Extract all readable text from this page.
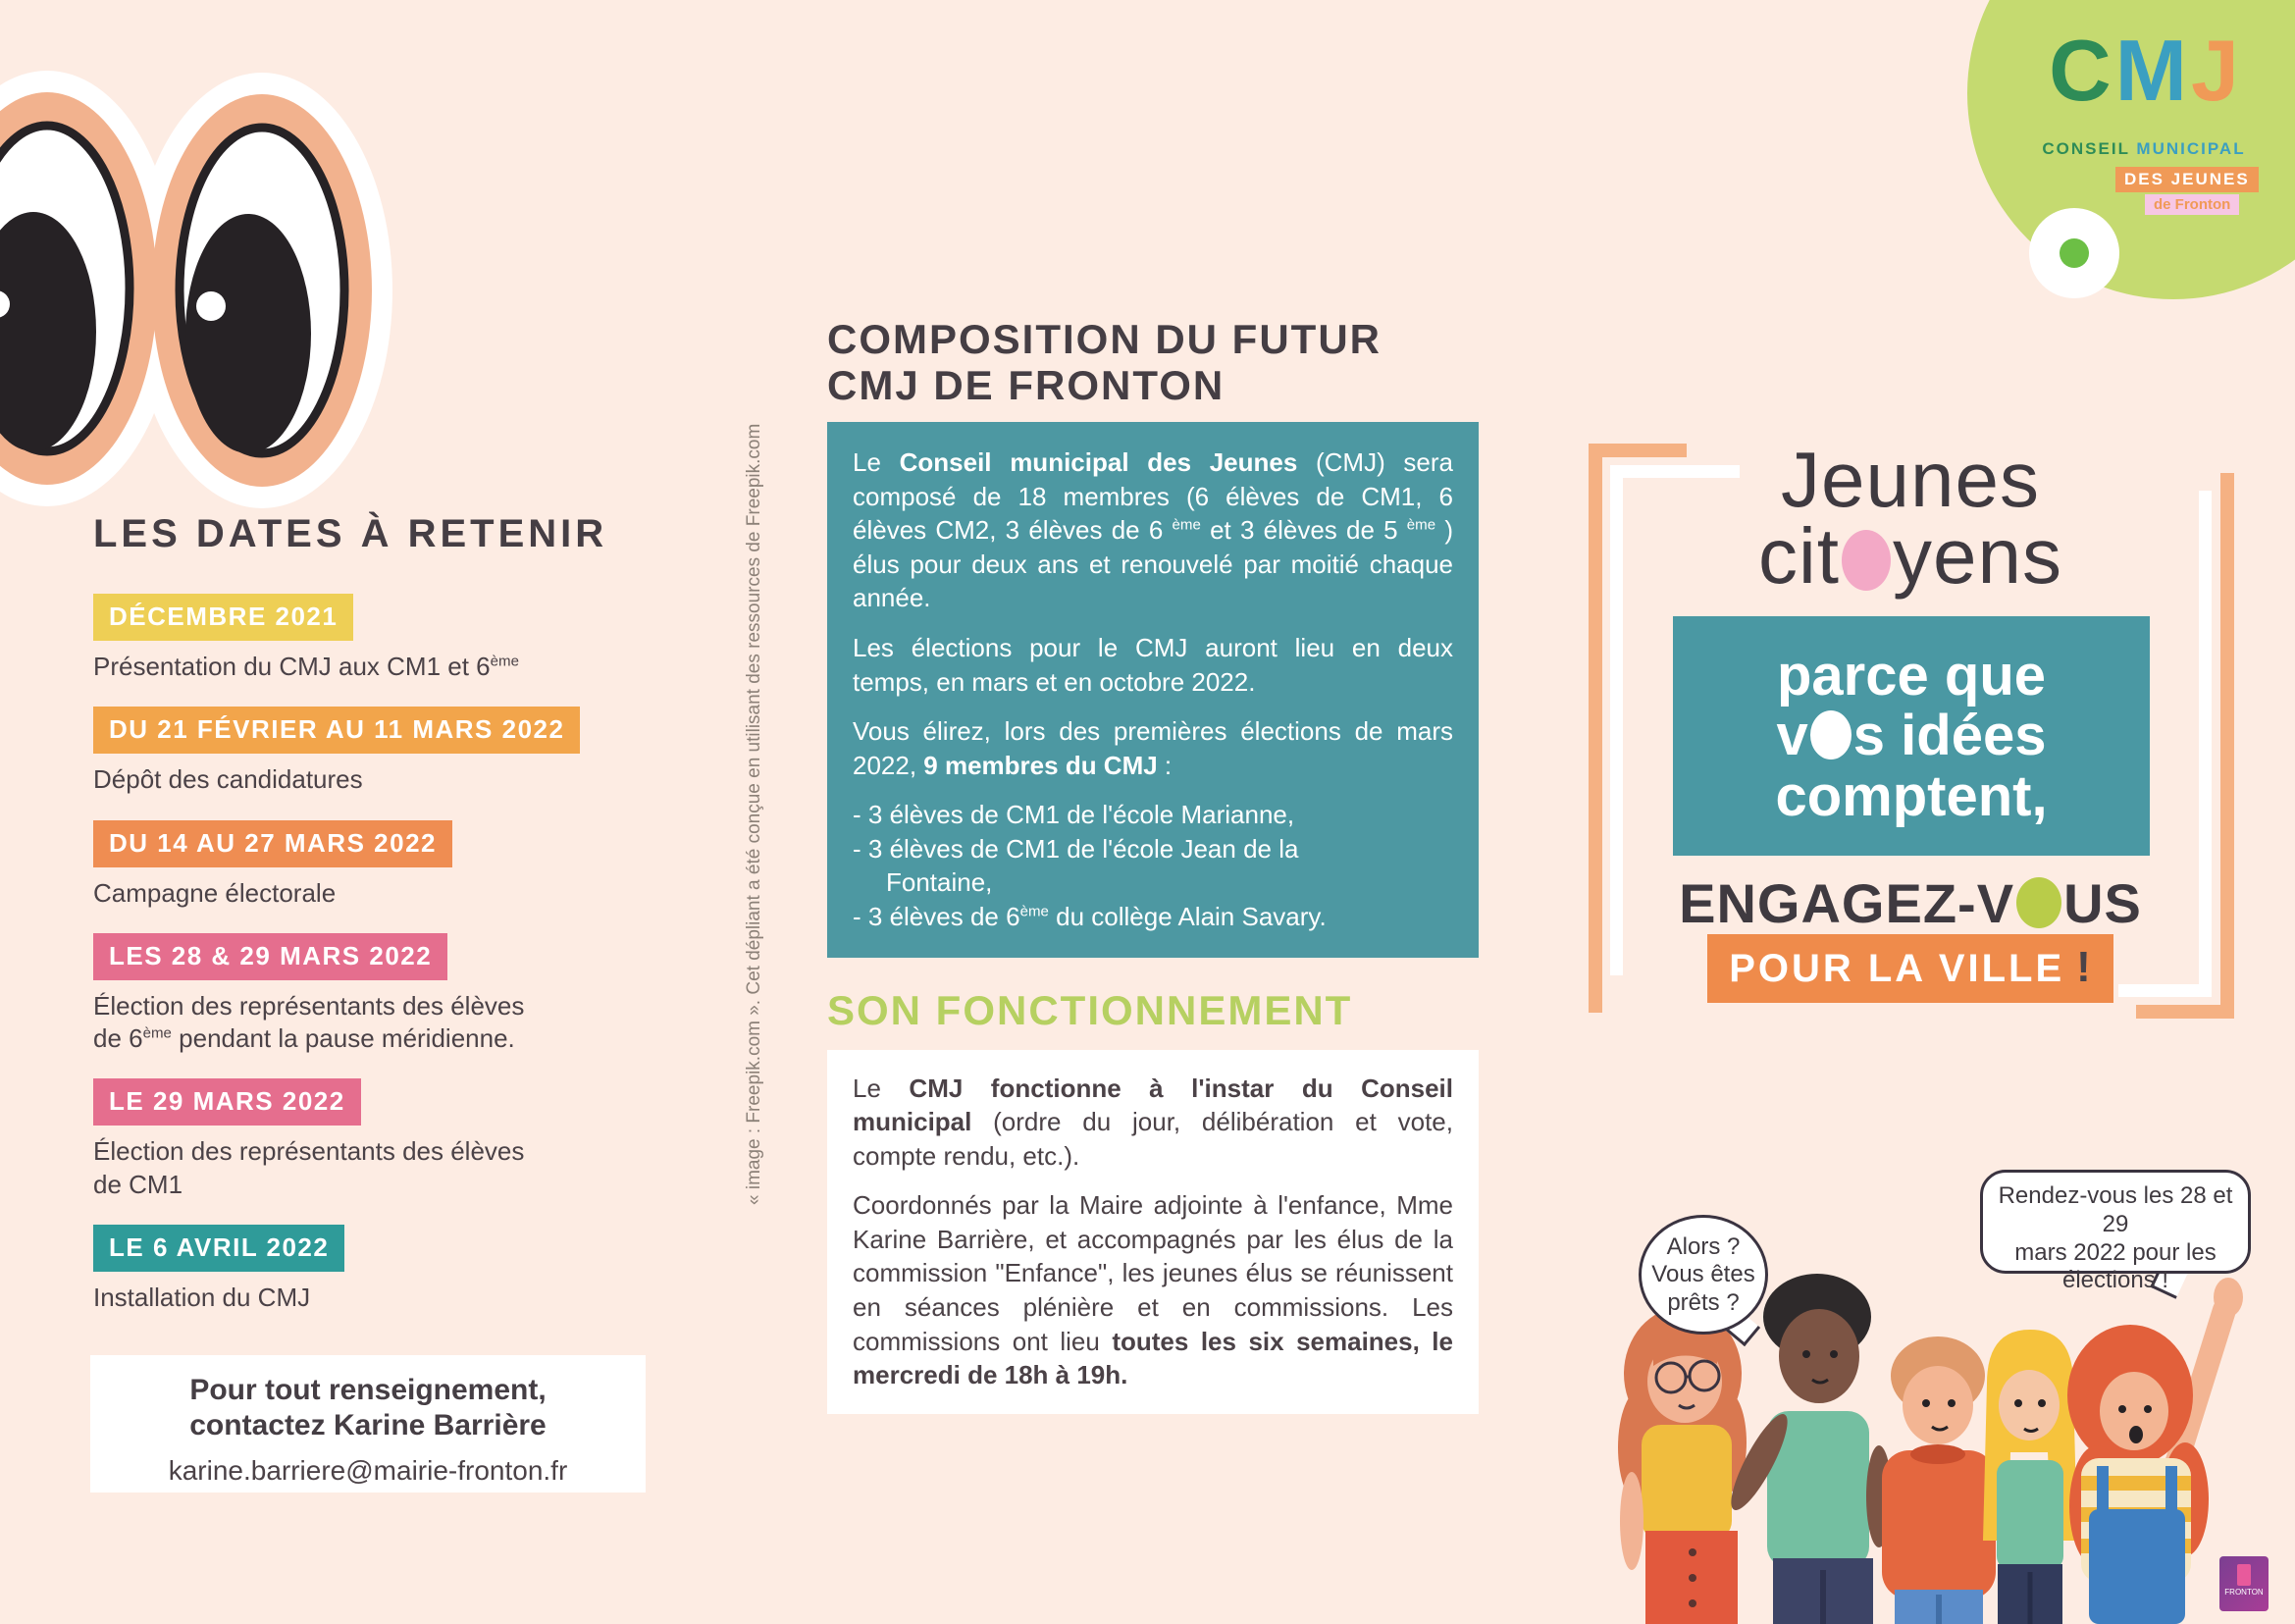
LES DATES À RETENIR
DÉCEMBRE 2021
Présentation du CMJ aux CM1 et 6ème
DU 21 FÉVRIER AU 11 MARS 2022
Dépôt des candidatures
DU 14 AU 27 MARS 2022
Campagne électorale
LES 28 & 29 MARS 2022
Élection des représentants des élèves
de 6ème pendant la pause méridienne.
LE 29 MARS 2022
Élection des représentants des élèves
de CM1
LE 6 AVRIL 2022
Installation du CMJ
Pour tout renseignement,
contactez Karine Barrière
karine.barriere@mairie-fronton.fr
« image : Freepik.com ». Cet dépliant a été conçue en utilisant des ressources de Freepik.com
COMPOSITION DU FUTUR
CMJ DE FRONTON

Le Conseil municipal des Jeunes (CMJ) sera composé de 18 membres (6 élèves de CM1, 6 élèves CM2, 3 élèves de 6 $^{ème}$ et 3 élèves de 5 $^{ème}$ ) élus pour deux ans et renouvelé par moitié chaque année.

Les élections pour le CMJ auront lieu en deux temps, en mars et en octobre 2022.

Vous élirez, lors des premières élections de mars 2022, 9 membres du CMJ :

- 3 élèves de CM1 de l'école Marianne,
- 3 élèves de CM1 de l'école Jean de la
Fontaine,
- 3 élèves de 6ème du collège Alain Savary.
SON FONCTIONNEMENT

Le CMJ fonctionne à l'instar du Conseil municipal (ordre du jour, délibération et vote, compte rendu, etc.).

Coordonnés par la Maire adjointe à l'enfance, Mme Karine Barrière, et accompagnés par les élus de la commission "Enfance", les jeunes élus se réunissent en séances plénière et en commissions. Les commissions ont lieu toutes les six semaines, le mercredi de 18h à 19h.

Jeunes
cit yens
parce que
v s idées
comptent,
ENGAGEZ-V US
POUR LA VILLE !
CMJ
CONSEIL MUNICIPAL
DES JEUNES
de Fronton
Alors ?
Vous êtes
prêts ?
Rendez-vous les 28 et 29
mars 2022 pour les
élections !
FRONTON
